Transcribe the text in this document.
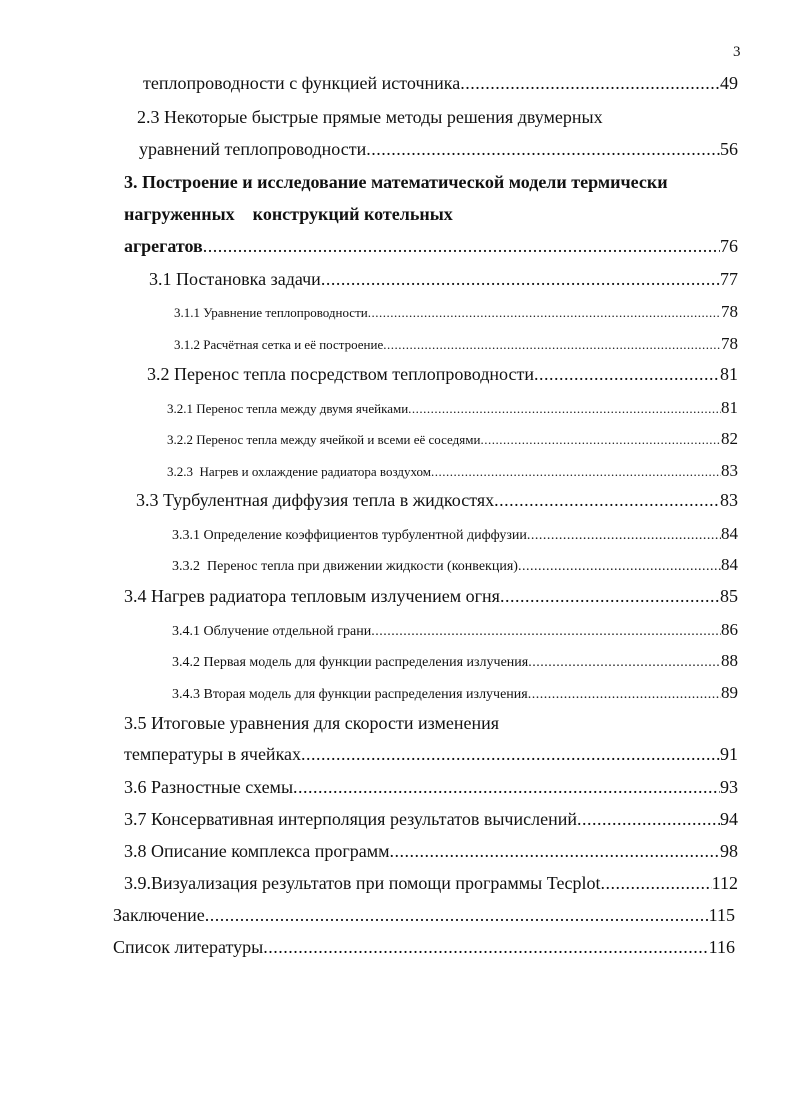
3
теплопроводности с функцией источника .....	49
2.3 Некоторые быстрые прямые методы решения двумерных
уравнений теплопроводности .....	56
3. Построение и исследование математической модели термически
нагруженных    конструкций котельных
агрегатов .....	76
3.1 Постановка задачи .....	77
3.1.1 Уравнение теплопроводности .....	78
3.1.2 Расчётная сетка и её построение .....	78
3.2 Перенос тепла посредством теплопроводности .....	81
3.2.1 Перенос тепла между двумя ячейками .....	81
3.2.2 Перенос тепла между ячейкой и всеми её соседями .....	82
3.2.3  Нагрев и охлаждение радиатора воздухом .....	83
3.3 Турбулентная диффузия тепла в жидкостях .....	83
3.3.1 Определение коэффициентов турбулентной диффузии .....	84
3.3.2  Перенос тепла при движении жидкости (конвекция) .....	84
3.4 Нагрев радиатора тепловым излучением огня .....	85
3.4.1 Облучение отдельной грани .....	86
3.4.2 Первая модель для функции распределения излучения .....	88
3.4.3 Вторая модель для функции распределения излучения .....	89
3.5 Итоговые уравнения для скорости изменения
температуры в ячейках .....	91
3.6 Разностные схемы .....	93
3.7 Консервативная интерполяция результатов вычислений .....	94
3.8 Описание комплекса программ .....	98
3.9.Визуализация результатов при помощи программы Tecplot .....	112
Заключение .....	115
Список литературы .....	116
